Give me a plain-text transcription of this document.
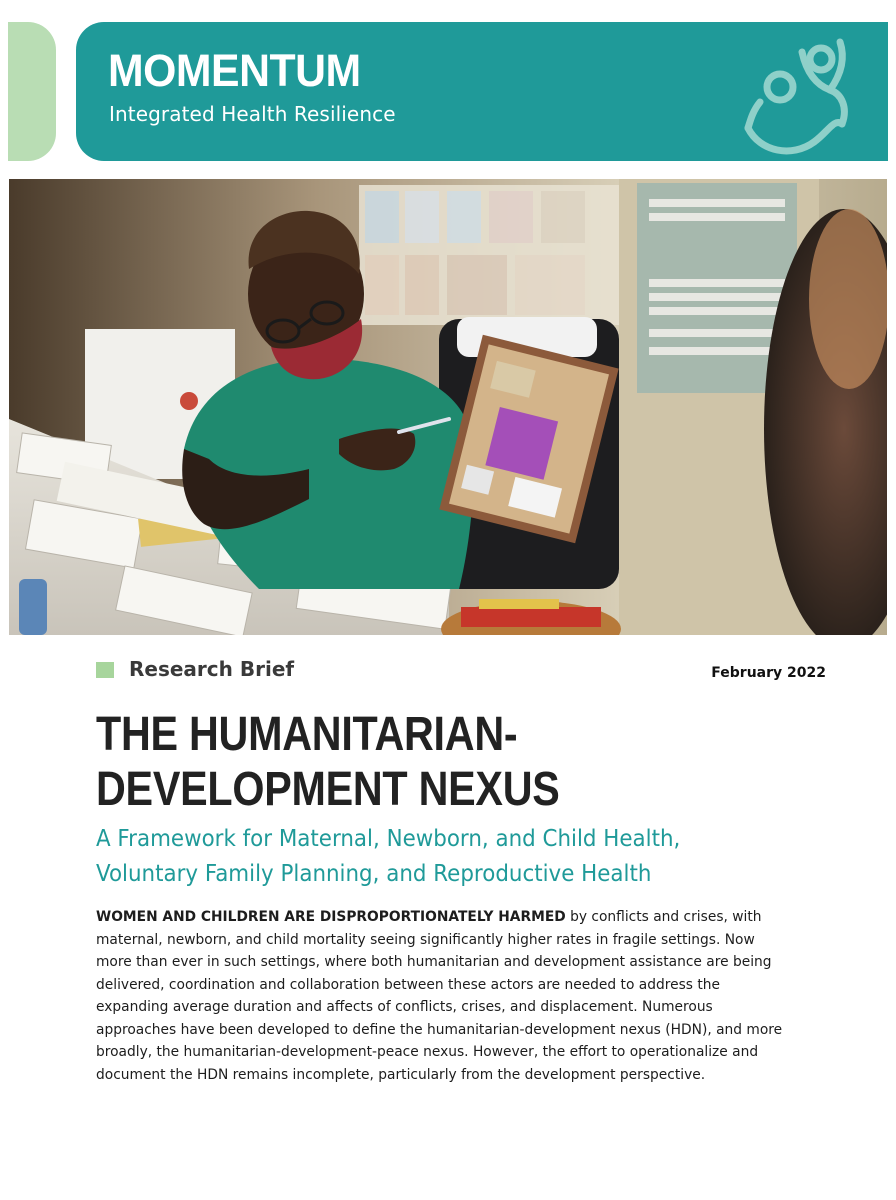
MOMENTUM
Integrated Health Resilience
Research Brief	February 2022
THE HUMANITARIAN-
DEVELOPMENT NEXUS
A Framework for Maternal, Newborn, and Child Health,
Voluntary Family Planning, and Reproductive Health

WOMEN AND CHILDREN ARE DISPROPORTIONATELY HARMED by conflicts and crises, with
maternal, newborn, and child mortality seeing significantly higher rates in fragile settings. Now
more than ever in such settings, where both humanitarian and development assistance are being
delivered, coordination and collaboration between these actors are needed to address the
expanding average duration and affects of conflicts, crises, and displacement. Numerous
approaches have been developed to define the humanitarian-development nexus (HDN), and more
broadly, the humanitarian-development-peace nexus. However, the effort to operationalize and
document the HDN remains incomplete, particularly from the development perspective.
